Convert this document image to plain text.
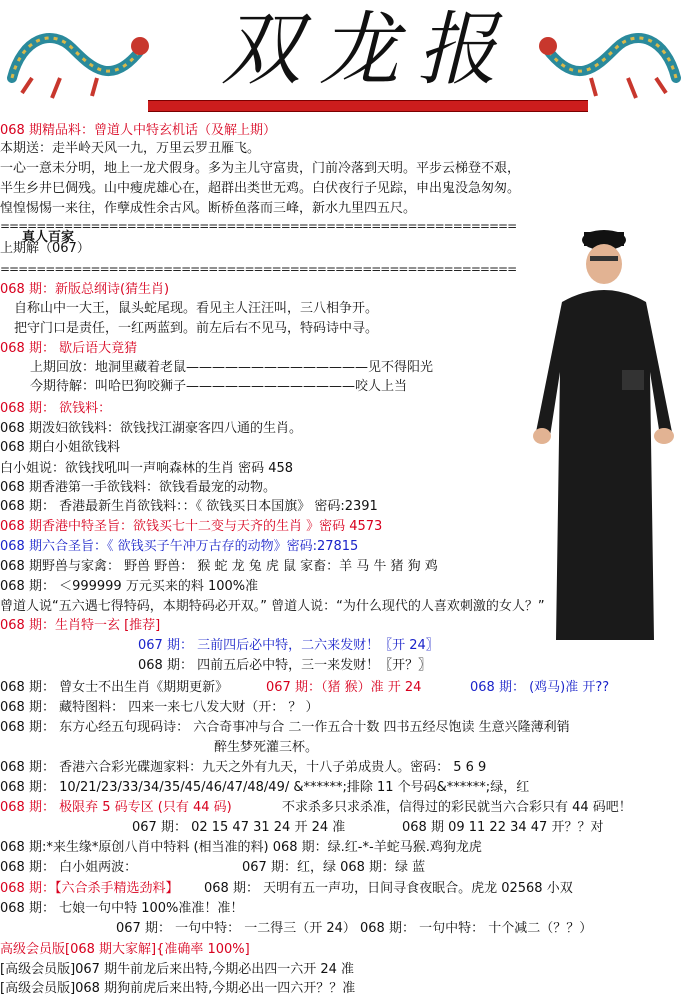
双龙报
=========================================================
=========================================================
068 期精品料：曾道人中特玄机话（及解上期）
本期送：走半岭天风一九，万里云罗丑雁飞。
一心一意未分明，地上一龙犬假身。多为主儿守富贵，门前冷落到天明。平步云梯登不艰，
半生乡井巳倜残。山中瘦虎雄心在，超群出类世无鸡。白伏夜行子见踪，申出鬼没急匆匆。
惶惶惕惕一来往，作孽成性余古风。断桥鱼落而三峰，新水九里四五尺。
真人百家
上期解（067）
068 期：新版总纲诗(猜生肖)
自称山中一大王，鼠头蛇尾现。看见主人汪汪叫，三八相争开。
把守门口是责任，一红两蓝到。前左后右不见马，特码诗中寻。
068 期： 歇后语大竟猜
上期回放：地洞里藏着老鼠——————————————见不得阳光
今期待解：叫哈巴狗咬狮子—————————————咬人上当
068 期： 欲钱料：
068 期泼妇欲钱料：欲钱找江湖豪客四八通的生肖。
068 期白小姐欲钱料
白小姐说：欲钱找吼叫一声响森林的生肖 密码 458
068 期香港第一手欲钱料：欲钱看最宠的动物。
068 期： 香港最新生肖欲钱料：：《 欲钱买日本国旗》 密码:2391
068 期香港中特圣旨：欲钱买七十二变与天齐的生肖 》密码 4573
068 期六合圣旨：《 欲钱买子午冲万古存的动物》密码:27815
068 期野兽与家禽： 野兽 野兽： 猴 蛇 龙 兔 虎 鼠 家畜：羊 马 牛 猪 狗 鸡
068 期： ＜999999 万元买来的料 100%准
曾道人说“五六遇七得特码，本期特码必开双。” 曾道人说：“为什么现代的人喜欢刺激的女人？”
068 期：生肖特一玄 [推荐]
067 期： 三前四后必中特，二六来发财！〖开 24〗
068 期： 四前五后必中特，三一来发财！〖开？〗
068 期： 曾女士不出生肖《期期更新》	067 期：（猪 猴）准 开 24	068 期： (鸡马)准 开??
068 期： 藏特图料： 四来一来七八发大财（开： ？ ）
068 期： 东方心经五句现码诗： 六合奇事冲与合 二一作五合十数 四书五经尽饱读 生意兴隆薄利销
醉生梦死灌三杯。
068 期： 香港六合彩光碟迦家料：九天之外有九天，十八子弟成贵人。密码： 5 6 9
068 期： 10/21/23/33/34/35/45/46/47/48/49/ &******;排除 11 个号码&******;绿，红
068 期： 极限弃 5 码专区 (只有 44 码)	不求杀多只求杀准，信得过的彩民就当六合彩只有 44 码吧！
067 期： 02 15 47 31 24 开 24 准	068 期 09 11 22 34 47 开？？对
068 期:*来生缘*原创八肖中特料 (相当准的料) 068 期：绿.红-*-羊蛇马猴.鸡狗龙虎
068 期： 白小姐两波：	067 期：红，绿 068 期：绿 蓝
068 期：【六合杀手精选劲料】 068 期： 天明有五一声功，日间寻食夜眠合。虎龙 02568 小双
068 期： 七娘一句中特 100%准准！准！
067 期： 一句中特： 一二得三（开 24） 068 期： 一句中特： 十个减二（？？）
高级会员版[068 期大家解]{准确率 100%]
[高级会员版]067 期牛前龙后来出特,今期必出四一六开 24 准
[高级会员版]068 期狗前虎后来出特,今期必出一四六开？？准
